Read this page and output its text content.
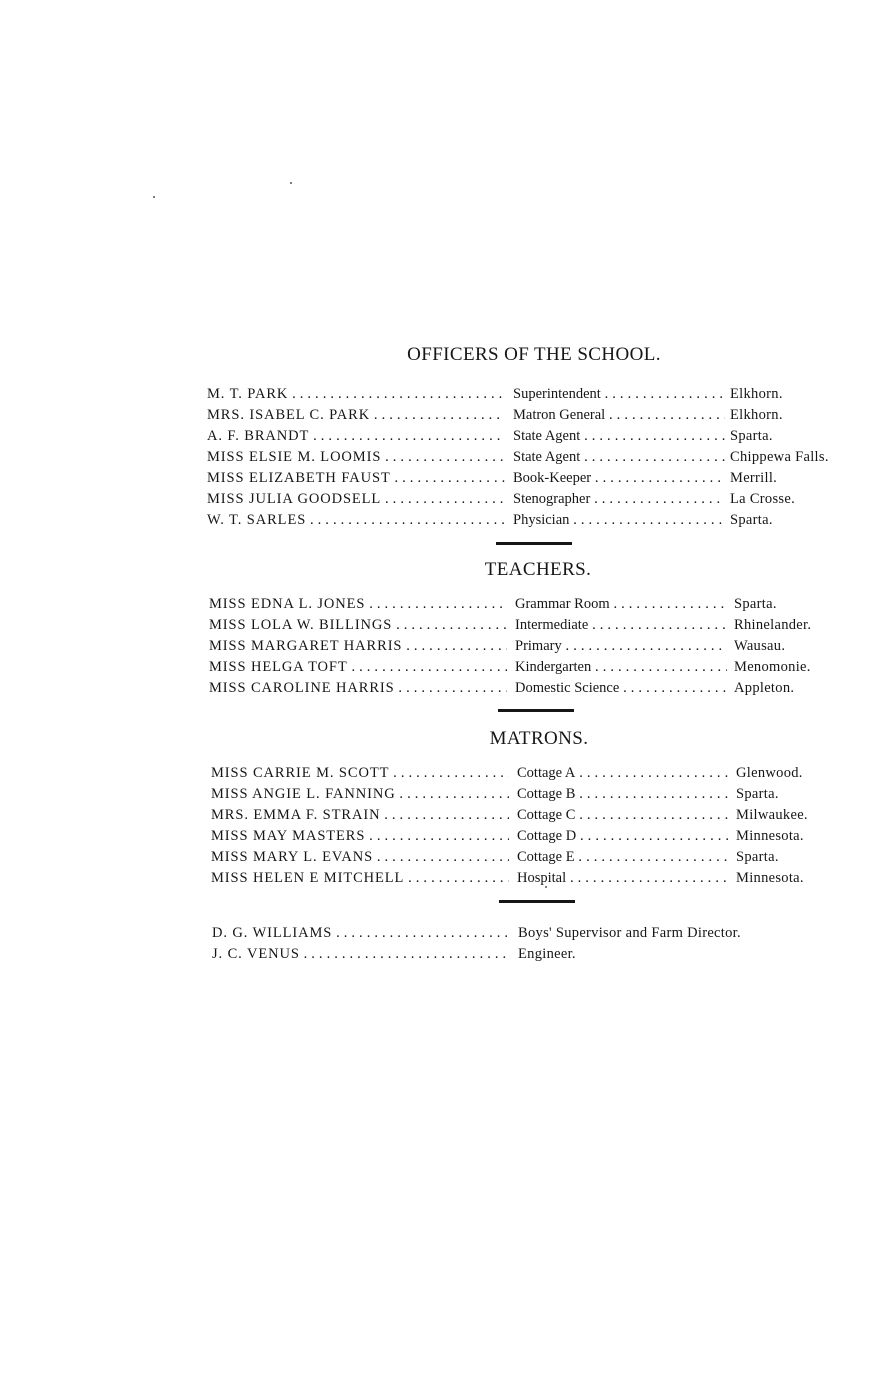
OFFICERS OF THE SCHOOL.
M. T. PARK . . .	Superintendent . . .	Elkhorn.
MRS. ISABEL C. PARK . . .	Matron General . . .	Elkhorn.
A. F. BRANDT . . .	State Agent . . .	Sparta.
MISS ELSIE M. LOOMIS . . .	State Agent . . .	Chippewa Falls.
MISS ELIZABETH FAUST . . .	Book-Keeper . . .	Merrill.
MISS JULIA GOODSELL . . .	Stenographer . . .	La Crosse.
W. T. SARLES . . .	Physician . . .	Sparta.
TEACHERS.
MISS EDNA L. JONES . . .	Grammar Room . . .	Sparta.
MISS LOLA W. BILLINGS . . .	Intermediate . . .	Rhinelander.
MISS MARGARET HARRIS . . .	Primary . . .	Wausau.
MISS HELGA TOFT . . .	Kindergarten . . .	Menomonie.
MISS CAROLINE HARRIS . . .	Domestic Science . . .	Appleton.
MATRONS.
MISS CARRIE M. SCOTT . . .	Cottage A . . .	Glenwood.
MISS ANGIE L. FANNING . . .	Cottage B . . .	Sparta.
MRS. EMMA F. STRAIN . . .	Cottage C . . .	Milwaukee.
MISS MAY MASTERS . . .	Cottage D . . .	Minnesota.
MISS MARY L. EVANS . . .	Cottage E . . .	Sparta.
MISS HELEN E MITCHELL . . .	Hospital . . .	Minnesota.
D. G. WILLIAMS . . .	Boys' Supervisor and Farm Director.
J. C. VENUS . . .	Engineer.
